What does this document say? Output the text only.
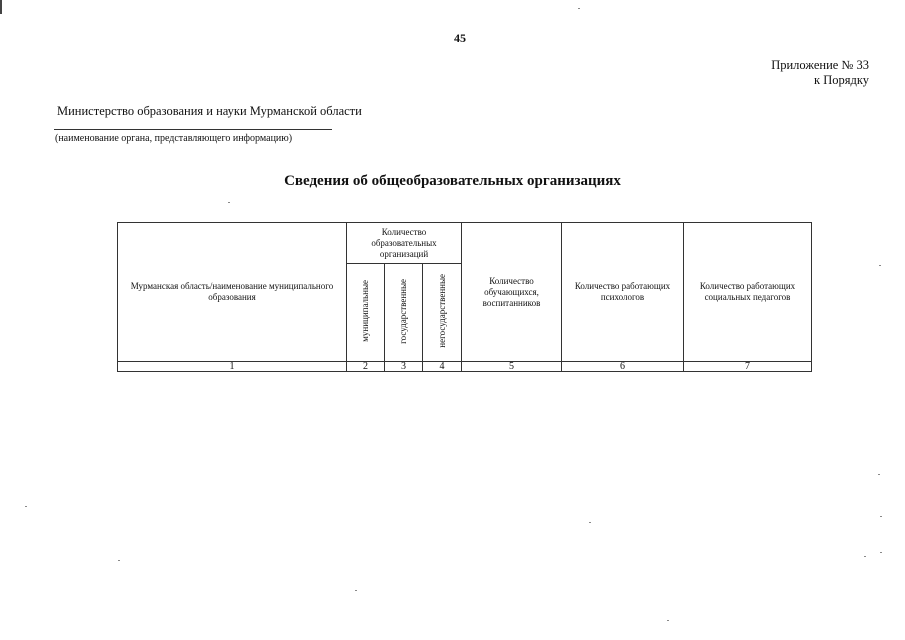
45
Приложение № 33
к Порядку
Министерство образования и науки Мурманской области
(наименование органа, представляющего информацию)
Сведения об общеобразовательных организациях
Мурманская область/наименование муниципального образования	Количество образовательных организаций			Количество обучающихся, воспитанников	Количество работающих психологов	Количество работающих социальных педагогов

	муниципальные	государственные	негосударственные			
1	2	3	4	5	6	7
